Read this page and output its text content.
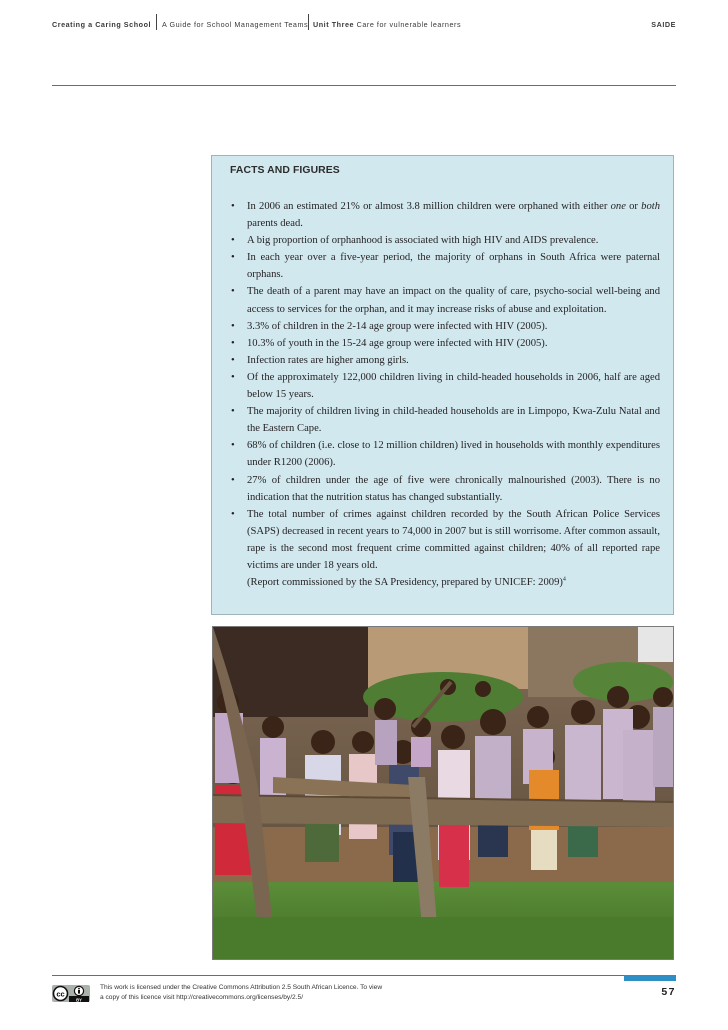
Creating a Caring School A Guide for School Management Teams Unit Three Care for vulnerable learners	SAIDE
FACTS AND FIGURES
• In 2006 an estimated 21% or almost 3.8 million children were orphaned with either one or both parents dead.
• A big proportion of orphanhood is associated with high HIV and AIDS prevalence.
• In each year over a five-year period, the majority of orphans in South Africa were paternal orphans.
• The death of a parent may have an impact on the quality of care, psycho-social well-being and access to services for the orphan, and it may increase risks of abuse and exploitation.
• 3.3% of children in the 2-14 age group were infected with HIV (2005).
• 10.3% of youth in the 15-24 age group were infected with HIV (2005).
• Infection rates are higher among girls.
• Of the approximately 122,000 children living in child-headed households in 2006, half are aged below 15 years.
• The majority of children living in child-headed households are in Limpopo, Kwa-Zulu Natal and the Eastern Cape.
• 68% of children (i.e. close to 12 million children) lived in households with monthly expenditures under R1200 (2006).
• 27% of children under the age of five were chronically malnourished (2003). There is no indication that the nutrition status has changed substantially.
• The total number of crimes against children recorded by the South African Police Services (SAPS) decreased in recent years to 74,000 in 2007 but is still worrisome. After common assault, rape is the second most frequent crime committed against children; 40% of all reported rape victims are under 18 years old.
(Report commissioned by the SA Presidency, prepared by UNICEF: 2009)$^4$
cc
BY
This work is licensed under the Creative Commons Attribution 2.5 South African Licence. To view
a copy of this licence visit http://creativecommons.org/licenses/by/2.5/	57
